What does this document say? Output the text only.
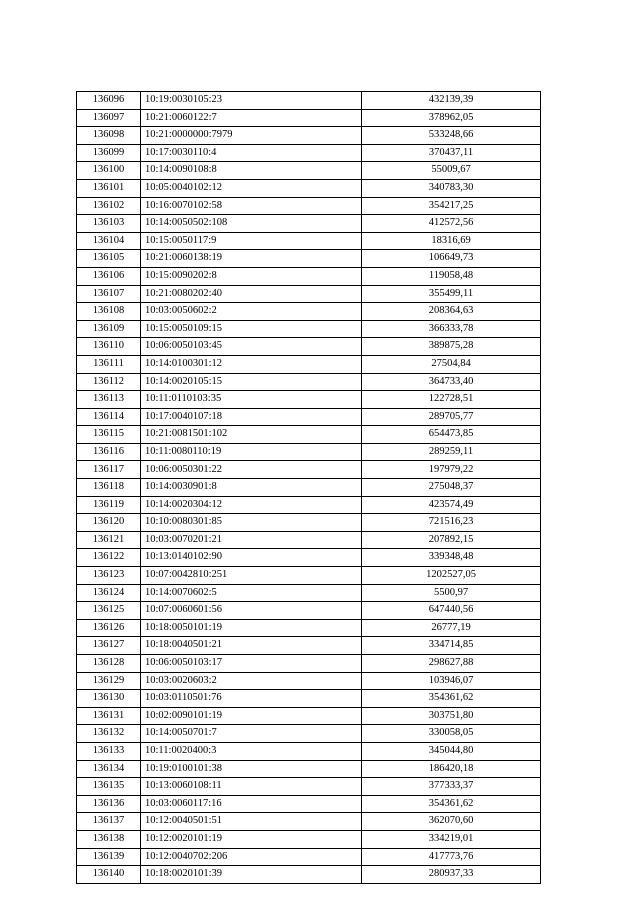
136096	10:19:0030105:23	432139,39
136097	10:21:0060122:7	378962,05
136098	10:21:0000000:7979	533248,66
136099	10:17:0030110:4	370437,11
136100	10:14:0090108:8	55009,67
136101	10:05:0040102:12	340783,30
136102	10:16:0070102:58	354217,25
136103	10:14:0050502:108	412572,56
136104	10:15:0050117:9	18316,69
136105	10:21:0060138:19	106649,73
136106	10:15:0090202:8	119058,48
136107	10:21:0080202:40	355499,11
136108	10:03:0050602:2	208364,63
136109	10:15:0050109:15	366333,78
136110	10:06:0050103:45	389875,28
136111	10:14:0100301:12	27504,84
136112	10:14:0020105:15	364733,40
136113	10:11:0110103:35	122728,51
136114	10:17:0040107:18	289705,77
136115	10:21:0081501:102	654473,85
136116	10:11:0080110:19	289259,11
136117	10:06:0050301:22	197979,22
136118	10:14:0030901:8	275048,37
136119	10:14:0020304:12	423574,49
136120	10:10:0080301:85	721516,23
136121	10:03:0070201:21	207892,15
136122	10:13:0140102:90	339348,48
136123	10:07:0042810:251	1202527,05
136124	10:14:0070602:5	5500,97
136125	10:07:0060601:56	647440,56
136126	10:18:0050101:19	26777,19
136127	10:18:0040501:21	334714,85
136128	10:06:0050103:17	298627,88
136129	10:03:0020603:2	103946,07
136130	10:03:0110501:76	354361,62
136131	10:02:0090101:19	303751,80
136132	10:14:0050701:7	330058,05
136133	10:11:0020400:3	345044,80
136134	10:19:0100101:38	186420,18
136135	10:13:0060108:11	377333,37
136136	10:03:0060117:16	354361,62
136137	10:12:0040501:51	362070,60
136138	10:12:0020101:19	334219,01
136139	10:12:0040702:206	417773,76
136140	10:18:0020101:39	280937,33
